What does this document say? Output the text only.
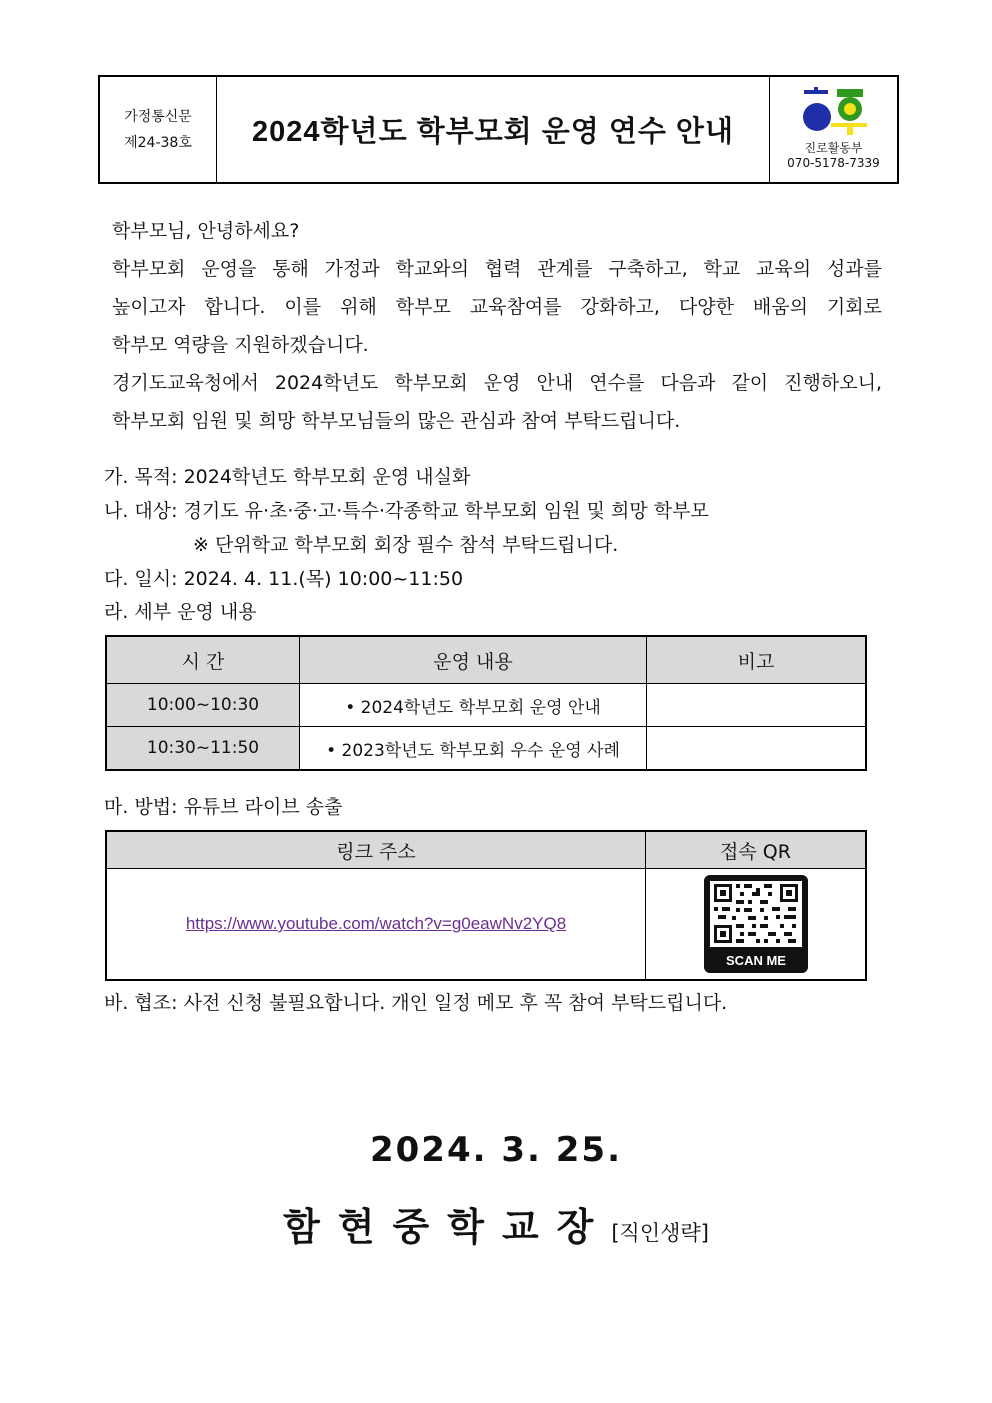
가정통신문
제24-38호	2024학년도 학부모회 운영 연수 안내	진로활동부
070-5178-7339

학부모님, 안녕하세요?

학부모회 운영을 통해 가정과 학교와의 협력 관계를 구축하고, 학교 교육의 성과를

높이고자 합니다. 이를 위해 학부모 교육참여를 강화하고, 다양한 배움의 기회로

학부모 역량을 지원하겠습니다.

경기도교육청에서 2024학년도 학부모회 운영 안내 연수를 다음과 같이 진행하오니,

학부모회 임원 및 희망 학부모님들의 많은 관심과 참여 부탁드립니다.

가. 목적: 2024학년도 학부모회 운영 내실화
나. 대상: 경기도 유·초·중·고·특수·각종학교 학부모회 임원 및 희망 학부모
※ 단위학교 학부모회 회장 필수 참석 부탁드립니다.
다. 일시: 2024. 4. 11.(목) 10:00~11:50
라. 세부 운영 내용
시 간	운영 내용	비고
10:00~10:30	• 2024학년도 학부모회 운영 안내	
10:30~11:50	• 2023학년도 학부모회 우수 운영 사례	
마. 방법: 유튜브 라이브 송출
링크 주소	접속 QR
https://www.youtube.com/watch?v=g0eawNv2YQ8	SCAN ME
바. 협조: 사전 신청 불필요합니다. 개인 일정 메모 후 꼭 참여 부탁드립니다.
2024. 3. 25.
함현중학교장[직인생략]
